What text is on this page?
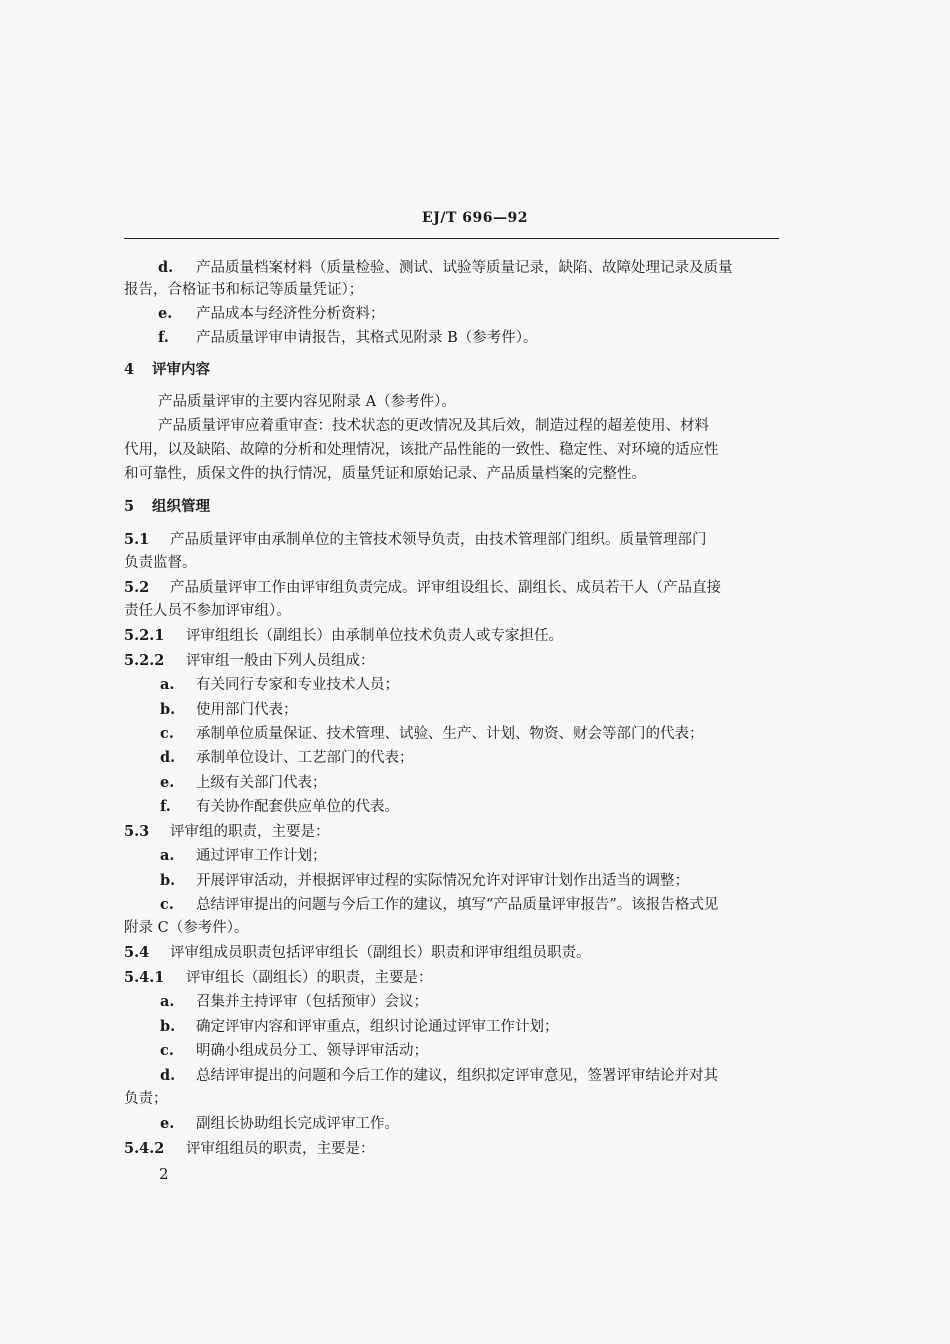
EJ/T 696—92
d. 产品质量档案材料（质量检验、测试、试验等质量记录，缺陷、故障处理记录及质量
报告，合格证书和标记等质量凭证）；
e. 产品成本与经济性分析资料；
f. 产品质量评审申请报告，其格式见附录 B（参考件）。
4 评审内容
产品质量评审的主要内容见附录 A（参考件）。
产品质量评审应着重审查：技术状态的更改情况及其后效，制造过程的超差使用、材料
代用，以及缺陷、故障的分析和处理情况，该批产品性能的一致性、稳定性、对环境的适应性
和可靠性，质保文件的执行情况，质量凭证和原始记录、产品质量档案的完整性。
5 组织管理
5.1 产品质量评审由承制单位的主管技术领导负责，由技术管理部门组织。质量管理部门
负责监督。
5.2 产品质量评审工作由评审组负责完成。评审组设组长、副组长、成员若干人（产品直接
责任人员不参加评审组）。
5.2.1 评审组组长（副组长）由承制单位技术负责人或专家担任。
5.2.2 评审组一般由下列人员组成：
a. 有关同行专家和专业技术人员；
b. 使用部门代表；
c. 承制单位质量保证、技术管理、试验、生产、计划、物资、财会等部门的代表；
d. 承制单位设计、工艺部门的代表；
e. 上级有关部门代表；
f. 有关协作配套供应单位的代表。
5.3 评审组的职责，主要是：
a. 通过评审工作计划；
b. 开展评审活动，并根据评审过程的实际情况允许对评审计划作出适当的调整；
c. 总结评审提出的问题与今后工作的建议，填写“产品质量评审报告”。该报告格式见
附录 C（参考件）。
5.4 评审组成员职责包括评审组长（副组长）职责和评审组组员职责。
5.4.1 评审组长（副组长）的职责，主要是：
a. 召集并主持评审（包括预审）会议；
b. 确定评审内容和评审重点，组织讨论通过评审工作计划；
c. 明确小组成员分工、领导评审活动；
d. 总结评审提出的问题和今后工作的建议，组织拟定评审意见，签署评审结论并对其
负责；
e. 副组长协助组长完成评审工作。
5.4.2 评审组组员的职责，主要是：
2
